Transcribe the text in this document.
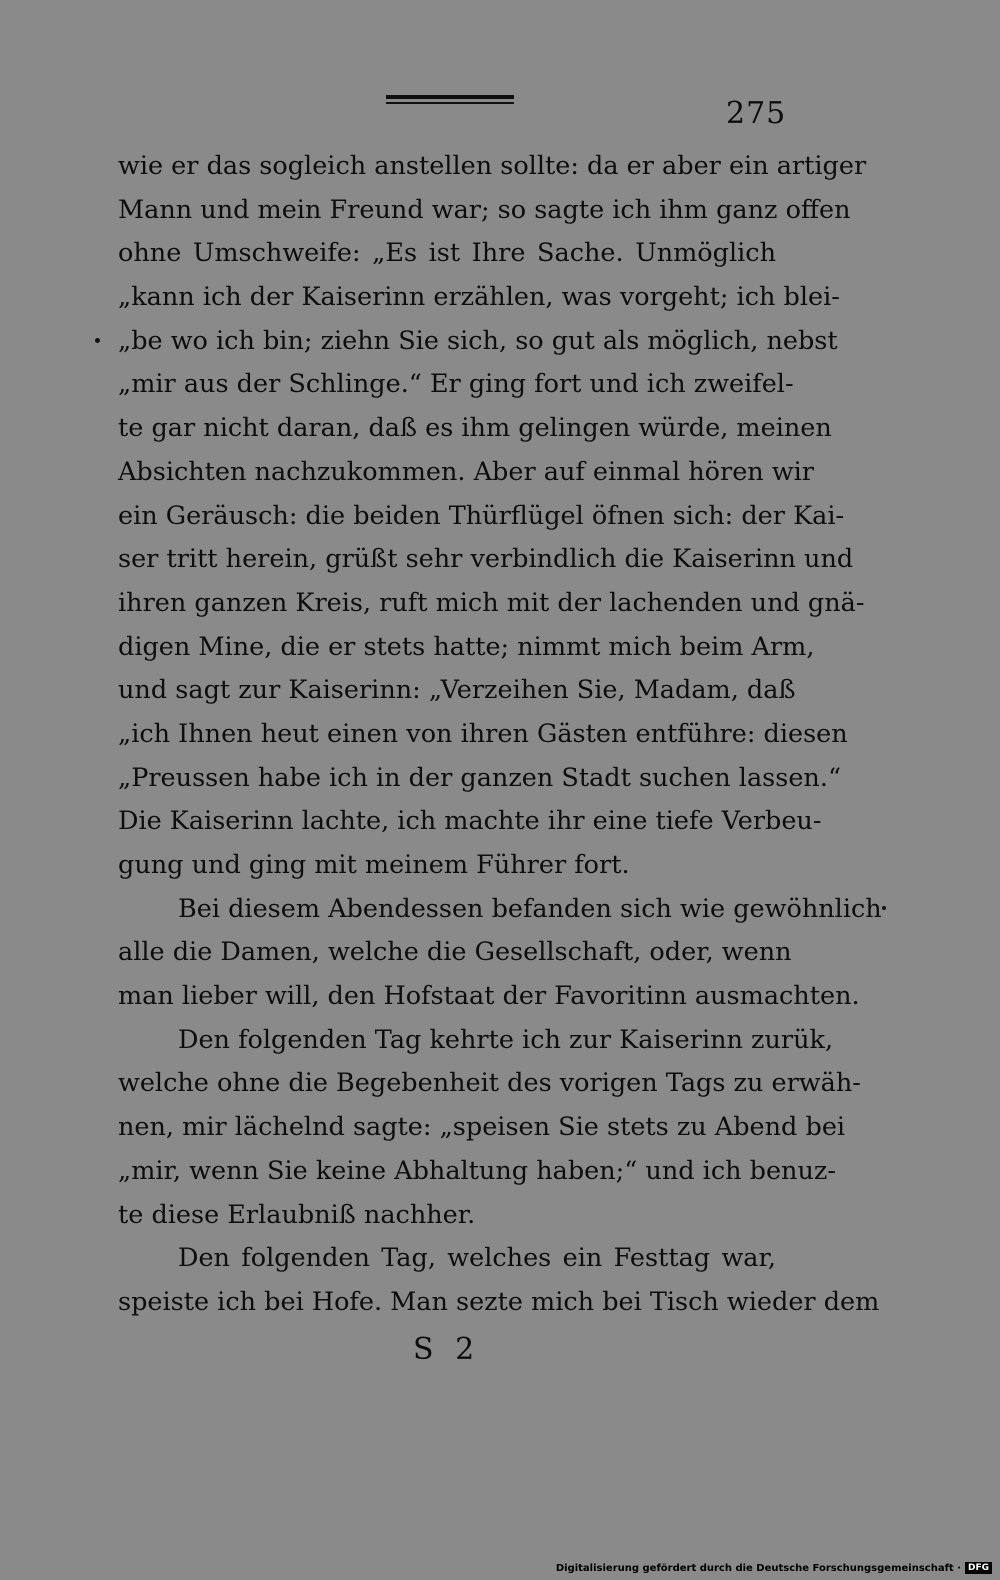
275
wie er das sogleich anstellen sollte: da er aber ein artiger
Mann und mein Freund war; so sagte ich ihm ganz offen
ohne Umschweife: „Es ist Ihre Sache. Unmöglich
„kann ich der Kaiserinn erzählen, was vorgeht; ich blei-
„be wo ich bin; ziehn Sie sich, so gut als möglich, nebst
„mir aus der Schlinge.“ Er ging fort und ich zweifel-
te gar nicht daran, daß es ihm gelingen würde, meinen
Absichten nachzukommen. Aber auf einmal hören wir
ein Geräusch: die beiden Thürflügel öfnen sich: der Kai-
ser tritt herein, grüßt sehr verbindlich die Kaiserinn und
ihren ganzen Kreis, ruft mich mit der lachenden und gnä-
digen Mine, die er stets hatte; nimmt mich beim Arm,
und sagt zur Kaiserinn: „Verzeihen Sie, Madam, daß
„ich Ihnen heut einen von ihren Gästen entführe: diesen
„Preussen habe ich in der ganzen Stadt suchen lassen.“
Die Kaiserinn lachte, ich machte ihr eine tiefe Verbeu-
gung und ging mit meinem Führer fort.
Bei diesem Abendessen befanden sich wie gewöhnlich
alle die Damen, welche die Gesellschaft, oder, wenn
man lieber will, den Hofstaat der Favoritinn ausmachten.
Den folgenden Tag kehrte ich zur Kaiserinn zurük,
welche ohne die Begebenheit des vorigen Tags zu erwäh-
nen, mir lächelnd sagte: „speisen Sie stets zu Abend bei
„mir, wenn Sie keine Abhaltung haben;“ und ich benuz-
te diese Erlaubniß nachher.
Den folgenden Tag, welches ein Festtag war,
speiste ich bei Hofe. Man sezte mich bei Tisch wieder dem
S 2
Digitalisierung gefördert durch die Deutsche Forschungsgemeinschaft · DFG
